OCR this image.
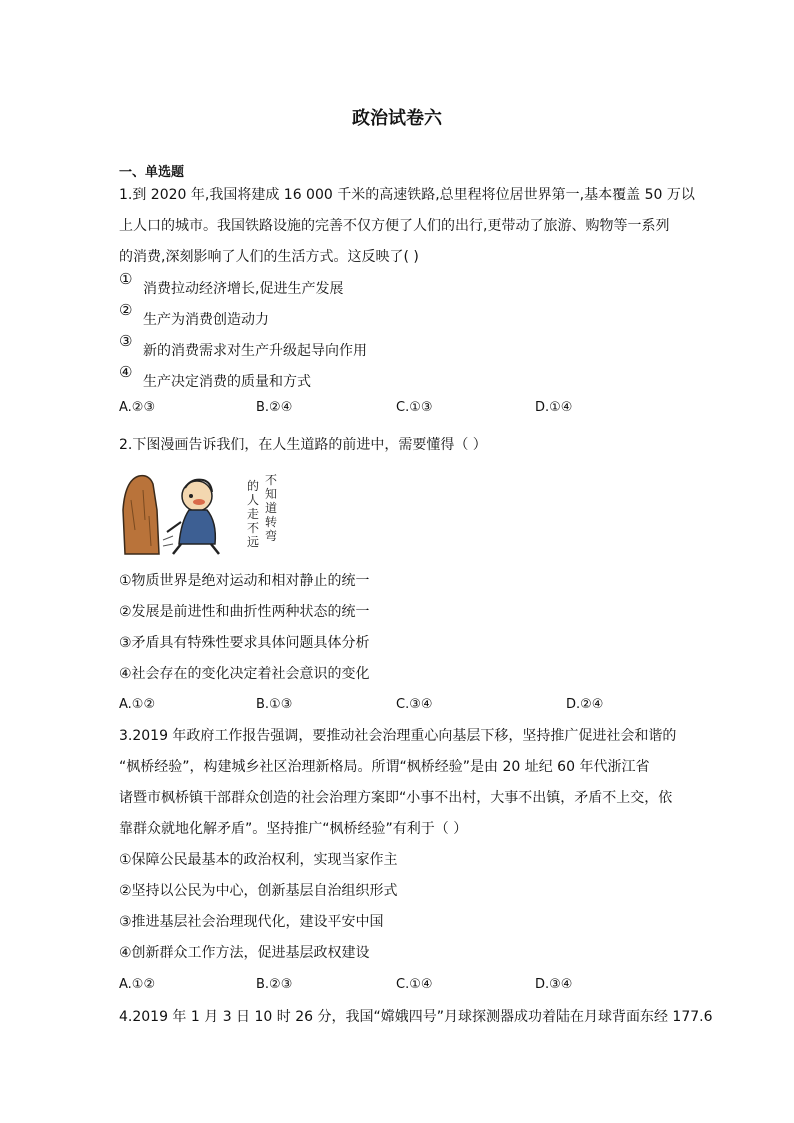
政治试卷六
一、单选题
1.到 2020 年,我国将建成 16 000 千米的高速铁路,总里程将位居世界第一,基本覆盖 50 万以
上人口的城市。我国铁路设施的完善不仅方便了人们的出行,更带动了旅游、购物等一系列
的消费,深刻影响了人们的生活方式。这反映了( )
①
消费拉动经济增长,促进生产发展
②
生产为消费创造动力
③
新的消费需求对生产升级起导向作用
④
生产决定消费的质量和方式
A.②③	B.②④	C.①③	D.①④
2.下图漫画告诉我们，在人生道路的前进中，需要懂得（ ）
不
知
道
转
弯
的
人
走
不
远
①物质世界是绝对运动和相对静止的统一
②发展是前进性和曲折性两种状态的统一
③矛盾具有特殊性要求具体问题具体分析
④社会存在的变化决定着社会意识的变化
A.①②	B.①③	C.③④	D.②④
3.2019 年政府工作报告强调，要推动社会治理重心向基层下移，坚持推广促进社会和谐的
“枫桥经验”，构建城乡社区治理新格局。所谓“枫桥经验”是由 20 址纪 60 年代浙江省
诸暨市枫桥镇干部群众创造的社会治理方案即“小事不出村，大事不出镇，矛盾不上交，依
靠群众就地化解矛盾”。坚持推广“枫桥经验”有利于（ ）
①保障公民最基本的政治权利，实现当家作主
②坚持以公民为中心，创新基层自治组织形式
③推进基层社会治理现代化，建设平安中国
④创新群众工作方法，促进基层政权建设
A.①②	B.②③	C.①④	D.③④
4.2019 年 1 月 3 日 10 时 26 分，我国“嫦娥四号”月球探测器成功着陆在月球背面东经 177.6
